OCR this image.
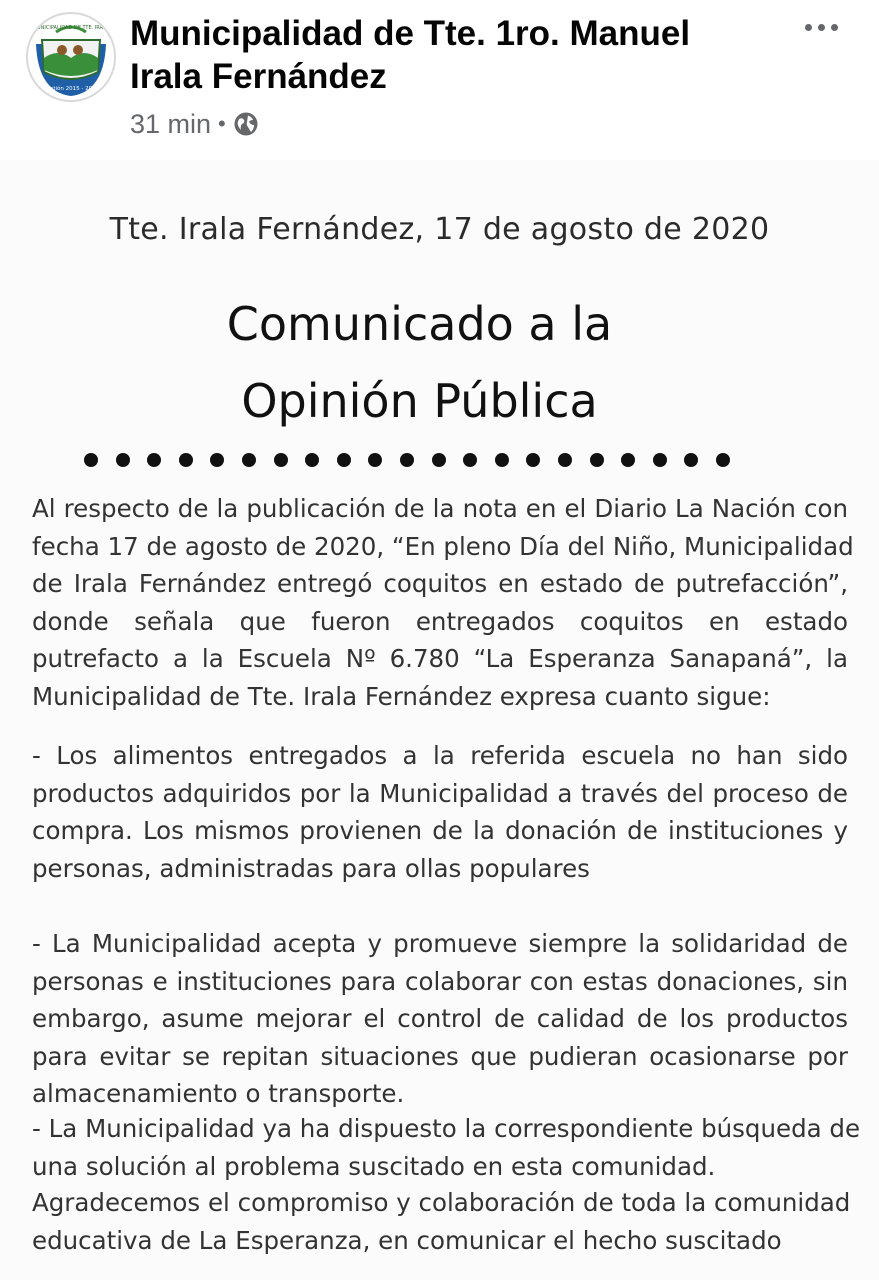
MUNICIPALIDAD DE TTE. IRALA
Gestión 2015 - 2020
Municipalidad de Tte. 1ro. Manuel Irala Fernández
31 min •
Tte. Irala Fernández, 17 de agosto de 2020
Comunicado a la
Opinión Pública
Al respecto de la publicación de la nota en el Diario La Nación con
fecha 17 de agosto de 2020, “En pleno Día del Niño, Municipalidad
de Irala Fernández entregó coquitos en estado de putrefacción”,
donde señala que fueron entregados coquitos en estado
putrefacto a la Escuela Nº 6.780 “La Esperanza Sanapaná”, la
Municipalidad de Tte. Irala Fernández expresa cuanto sigue:
- Los alimentos entregados a la referida escuela no han sido
productos adquiridos por la Municipalidad a través del proceso de
compra. Los mismos provienen de la donación de instituciones y
personas, administradas para ollas populares
- La Municipalidad acepta y promueve siempre la solidaridad de
personas e instituciones para colaborar con estas donaciones, sin
embargo, asume mejorar el control de calidad de los productos
para evitar se repitan situaciones que pudieran ocasionarse por
almacenamiento o transporte.
- La Municipalidad ya ha dispuesto la correspondiente búsqueda de
una solución al problema suscitado en esta comunidad.
Agradecemos el compromiso y colaboración de toda la comunidad
educativa de La Esperanza, en comunicar el hecho suscitado
